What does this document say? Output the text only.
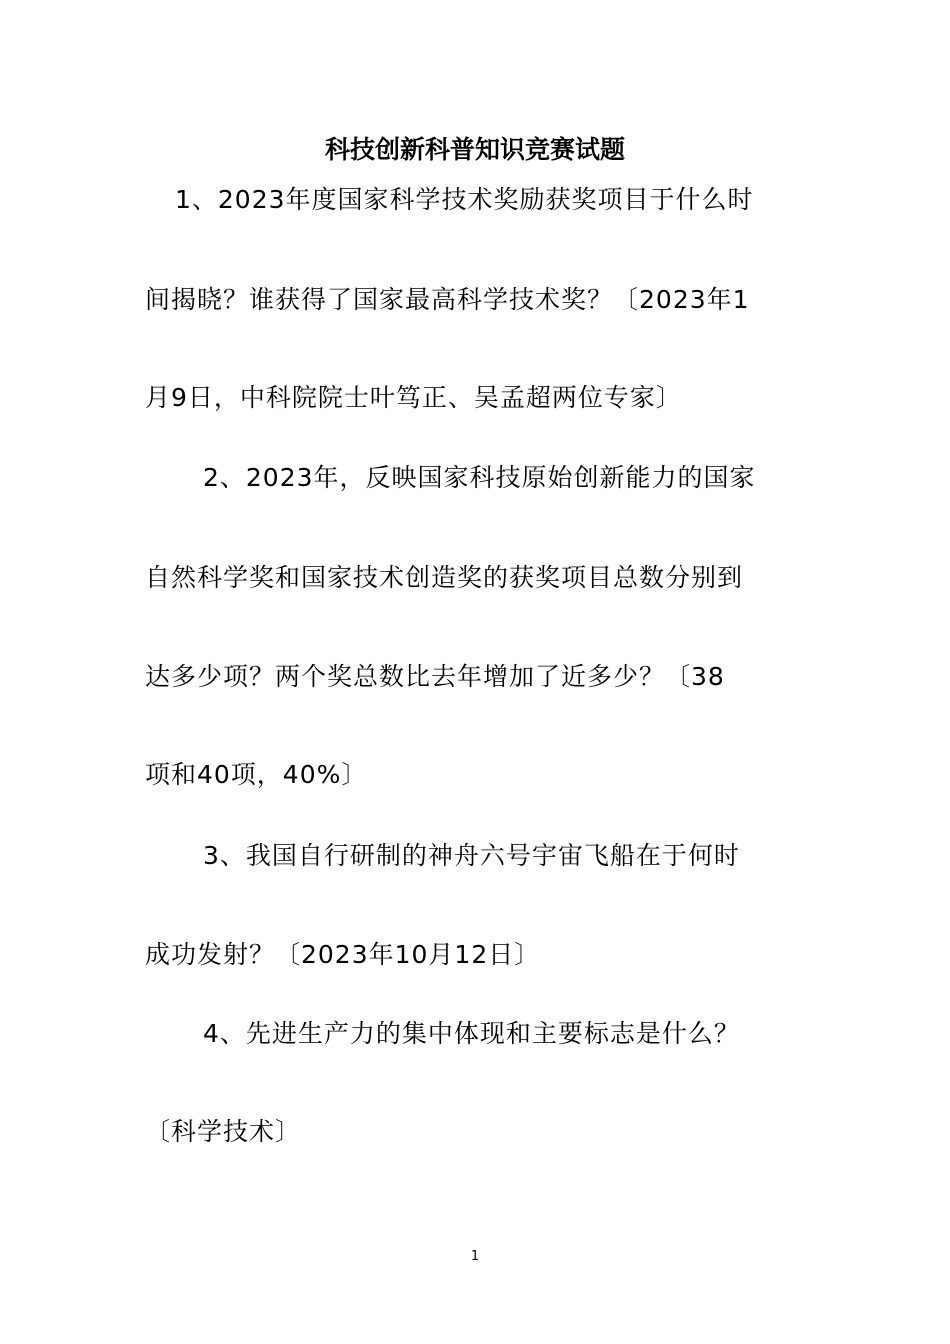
科技创新科普知识竞赛试题
1、2023年度国家科学技术奖励获奖项目于什么时
间揭晓？谁获得了国家最高科学技术奖？〔2023年1
月9日，中科院院士叶笃正、吴孟超两位专家〕
2、2023年，反映国家科技原始创新能力的国家
自然科学奖和国家技术创造奖的获奖项目总数分别到
达多少项？两个奖总数比去年增加了近多少？〔38
项和40项，40%〕
3、我国自行研制的神舟六号宇宙飞船在于何时
成功发射？〔2023年10月12日〕
4、先进生产力的集中体现和主要标志是什么？
〔科学技术〕
1
